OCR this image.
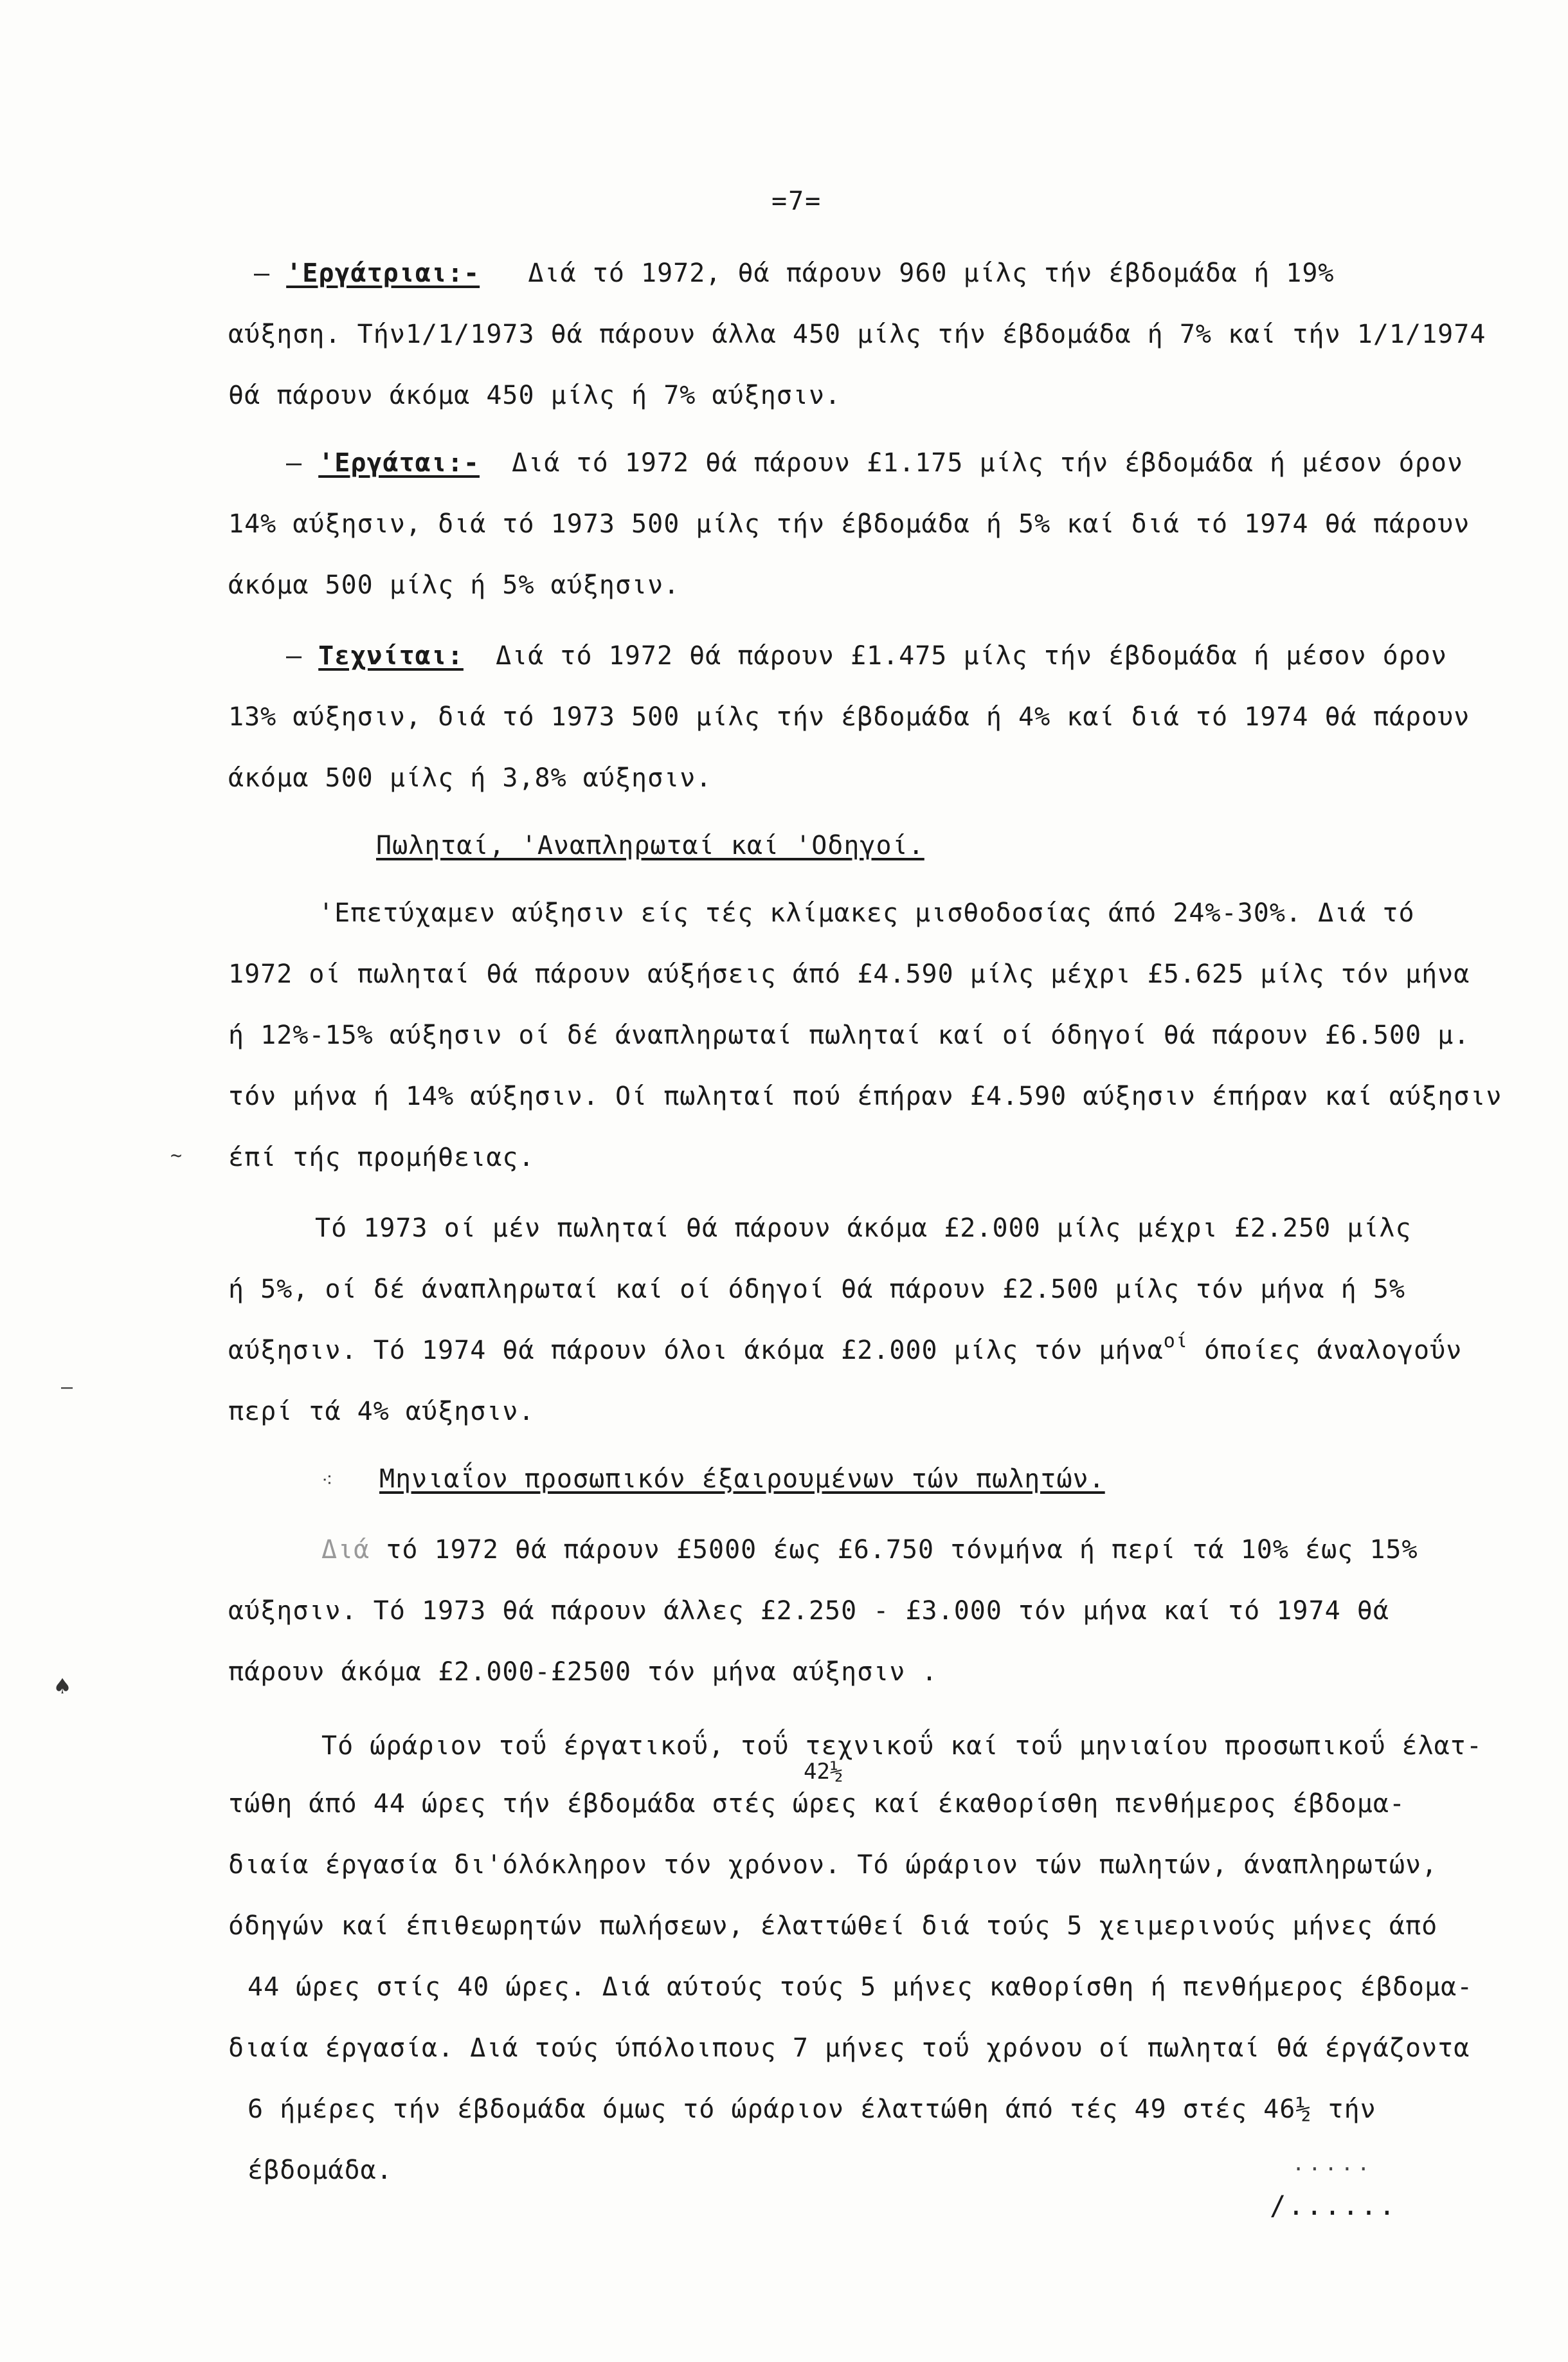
=7=
– 'Εργάτριαι:- Διά τό 1972, θά πάρουν 960 μίλς τήν έβδομάδα ή 19%
αύξηση. Τήν1/1/1973 θά πάρουν άλλα 450 μίλς τήν έβδομάδα ή 7% καί τήν 1/1/1974
θά πάρουν άκόμα 450 μίλς ή 7% αύξησιν.
– 'Εργάται:- Διά τό 1972 θά πάρουν £1.175 μίλς τήν έβδομάδα ή μέσον όρον
14% αύξησιν, διά τό 1973 500 μίλς τήν έβδομάδα ή 5% καί διά τό 1974 θά πάρουν
άκόμα 500 μίλς ή 5% αύξησιν.
– Τεχνίται: Διά τό 1972 θά πάρουν £1.475 μίλς τήν έβδομάδα ή μέσον όρον
13% αύξησιν, διά τό 1973 500 μίλς τήν έβδομάδα ή 4% καί διά τό 1974 θά πάρουν
άκόμα 500 μίλς ή 3,8% αύξησιν.
Πωληταί, 'Αναπληρωταί καί 'Οδηγοί.
'Επετύχαμεν αύξησιν είς τές κλίμακες μισθοδοσίας άπό 24%-30%. Διά τό
1972 οί πωληταί θά πάρουν αύξήσεις άπό £4.590 μίλς μέχρι £5.625 μίλς τόν μήνα
ή 12%-15% αύξησιν οί δέ άναπληρωταί πωληταί καί οί όδηγοί θά πάρουν £6.500 μ.
τόν μήνα ή 14% αύξησιν. Οί πωληταί πού έπήραν £4.590 αύξησιν έπήραν καί αύξησιν
έπί τής προμήθειας.
Τό 1973 οί μέν πωληταί θά πάρουν άκόμα £2.000 μίλς μέχρι £2.250 μίλς
ή 5%, οί δέ άναπληρωταί καί οί όδηγοί θά πάρουν £2.500 μίλς τόν μήνα ή 5%
αύξησιν. Τό 1974 θά πάρουν όλοι άκόμα £2.000 μίλς τόν μήνα$^{oί}$ όποίες άναλογοΰν
περί τά 4% αύξησιν.
⁖ Μηνιαΐον προσωπικόν έξαιρουμένων τών πωλητών.
Διά τό 1972 θά πάρουν £5000 έως £6.750 τόνμήνα ή περί τά 10% έως 15%
αύξησιν. Τό 1973 θά πάρουν άλλες £2.250 - £3.000 τόν μήνα καί τό 1974 θά
πάρουν άκόμα £2.000-£2500 τόν μήνα αύξησιν .
Τό ώράριον τοΰ έργατικοΰ, τοΰ τεχνικοΰ καί τοΰ μηνιαίου προσωπικοΰ έλατ-
42½
τώθη άπό 44 ώρες τήν έβδομάδα στές ώρες καί έκαθορίσθη πενθήμερος έβδομα-
διαία έργασία δι'όλόκληρον τόν χρόνον. Τό ώράριον τών πωλητών, άναπληρωτών,
όδηγών καί έπιθεωρητών πωλήσεων, έλαττώθεί διά τούς 5 χειμερινούς μήνες άπό
44 ώρες στίς 40 ώρες. Διά αύτούς τούς 5 μήνες καθορίσθη ή πενθήμερος έβδομα-
διαία έργασία. Διά τούς ύπόλοιπους 7 μήνες τοΰ χρόνου οί πωληταί θά έργάζοντα
6 ήμέρες τήν έβδομάδα όμως τό ώράριον έλαττώθη άπό τές 49 στές 46½ τήν
έβδομάδα.	.....
/......
♠
—
~
